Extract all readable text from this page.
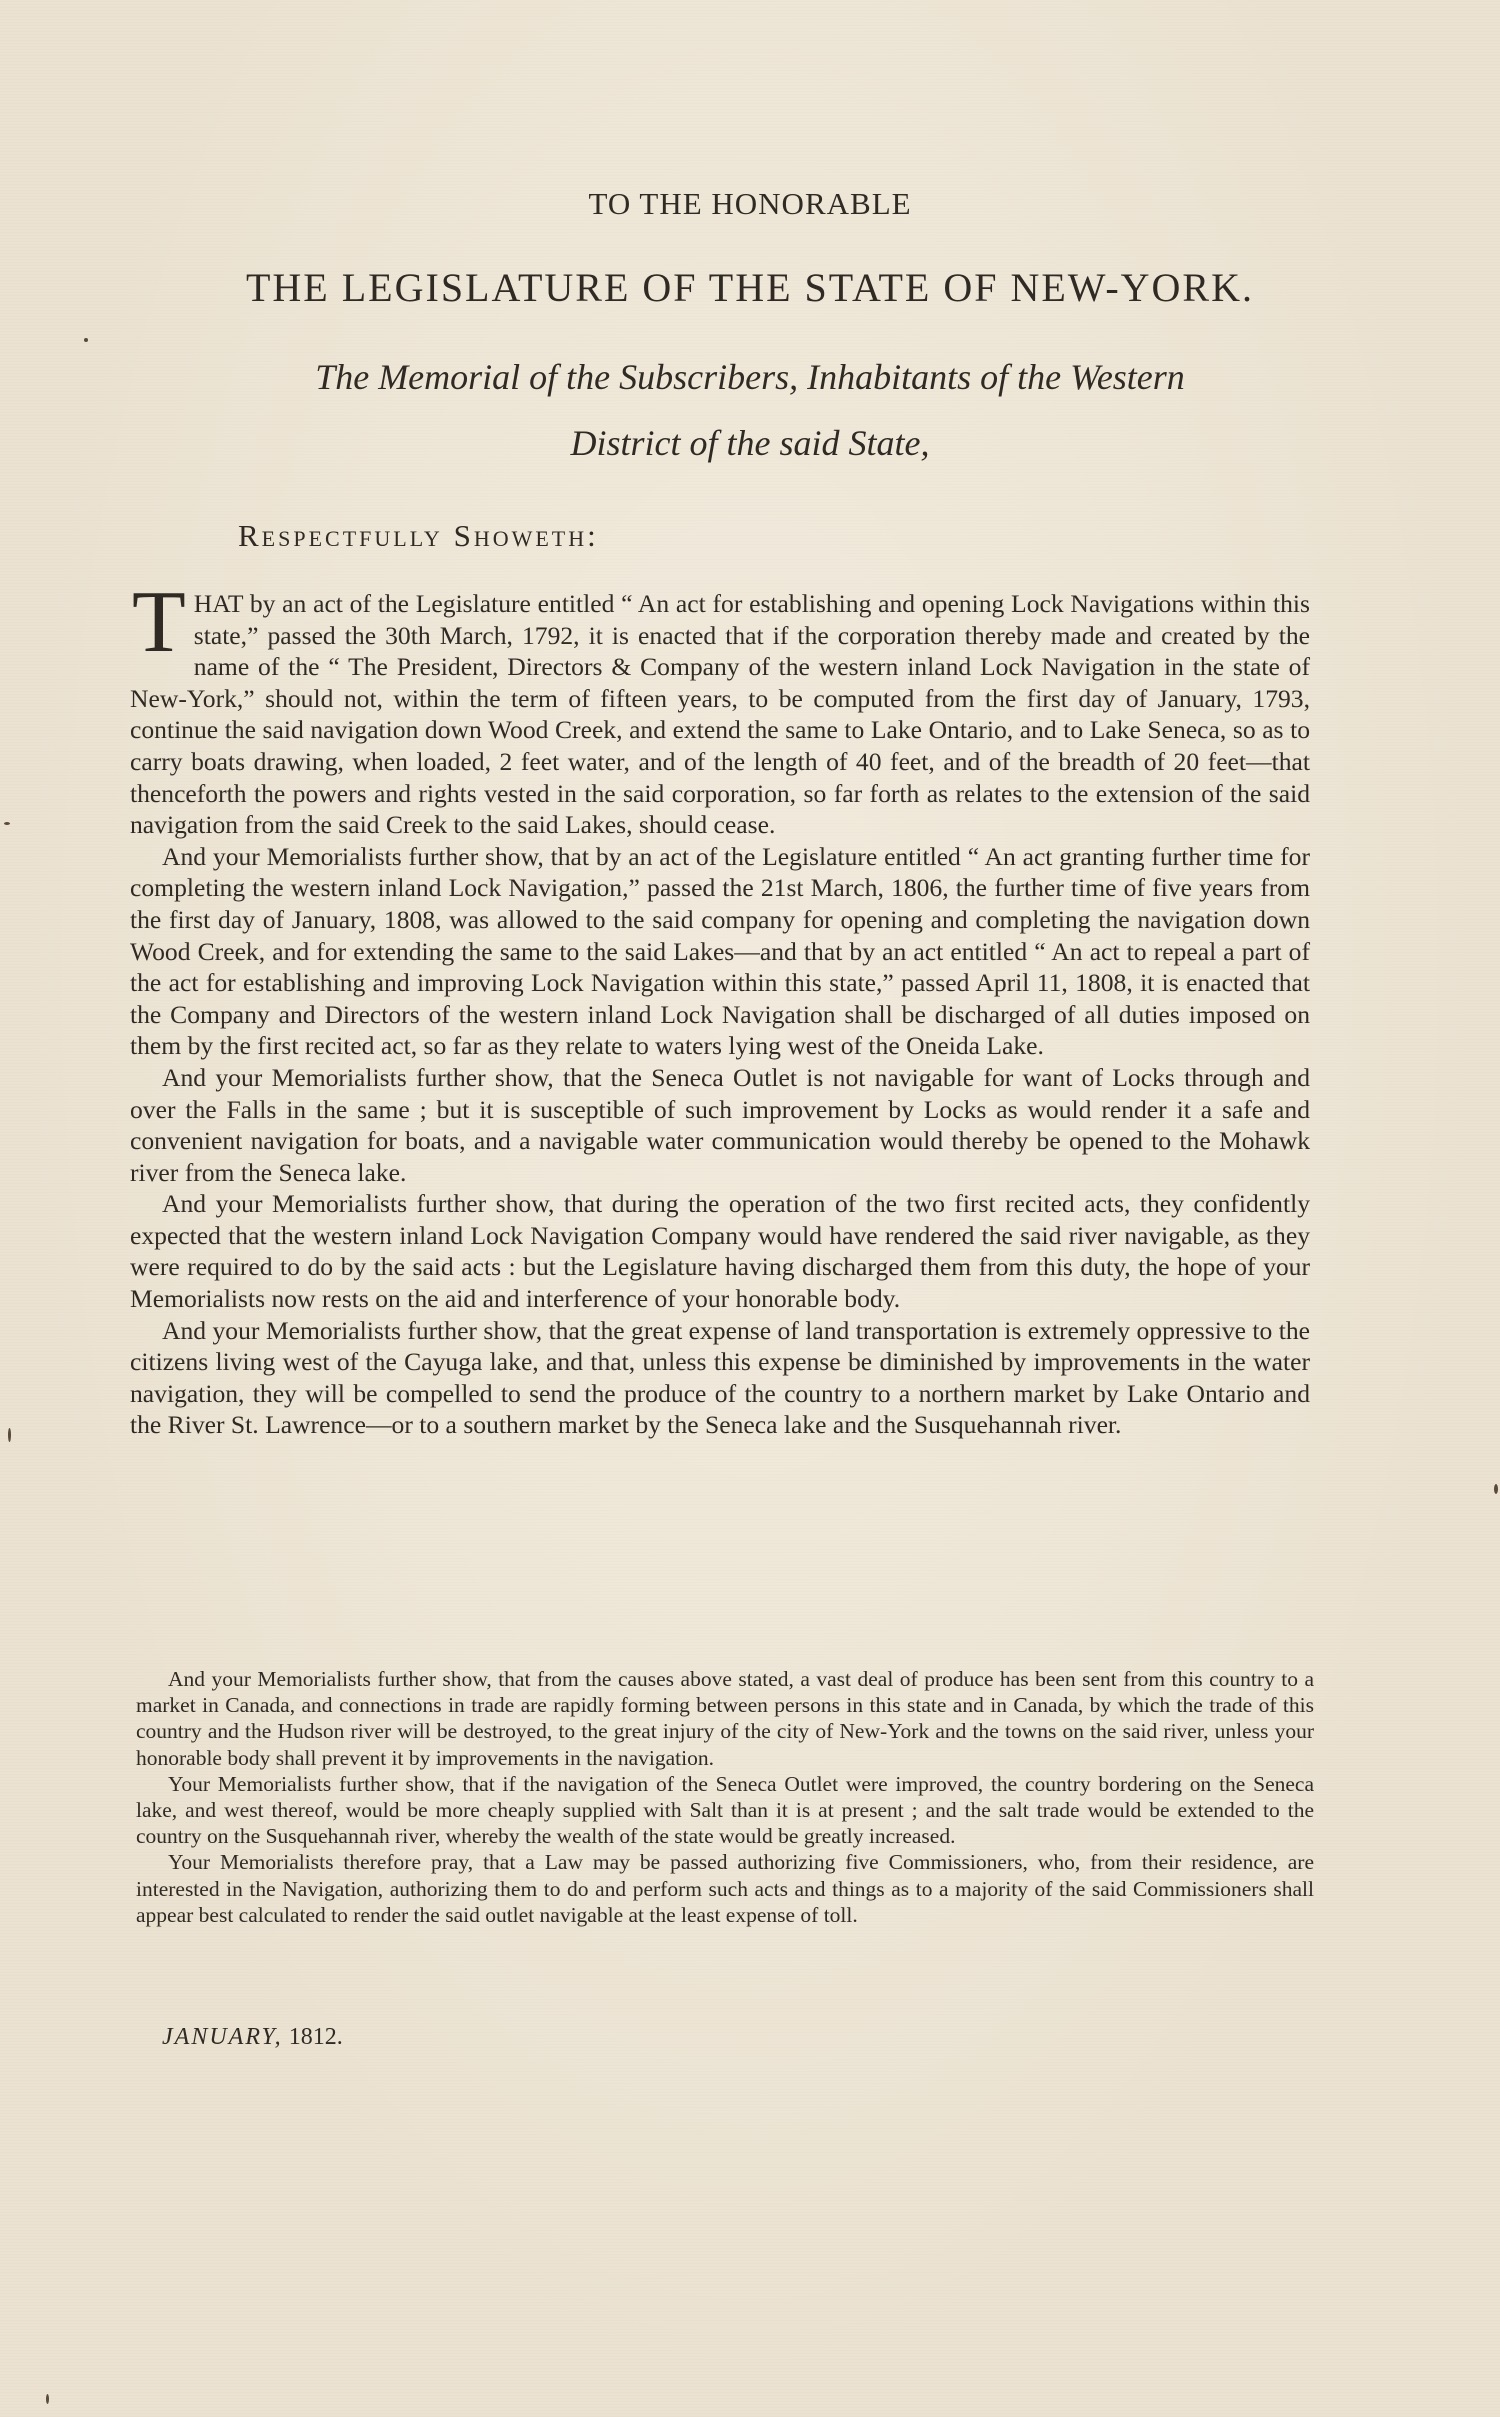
TO THE HONORABLE
THE LEGISLATURE OF THE STATE OF NEW-YORK.
The Memorial of the Subscribers, Inhabitants of the Western
District of the said State,
Respectfully Showeth:

THAT by an act of the Legislature entitled “ An act for establishing and opening Lock Navigations within this state,” passed the 30th March, 1792, it is enacted that if the corporation thereby made and created by the name of the “ The President, Directors & Company of the western inland Lock Navigation in the state of New-York,” should not, within the term of fifteen years, to be computed from the first day of January, 1793, continue the said navigation down Wood Creek, and extend the same to Lake Ontario, and to Lake Seneca, so as to carry boats drawing, when loaded, 2 feet water, and of the length of 40 feet, and of the breadth of 20 feet—that thenceforth the powers and rights vested in the said corporation, so far forth as relates to the extension of the said navigation from the said Creek to the said Lakes, should cease.

And your Memorialists further show, that by an act of the Legislature entitled “ An act granting further time for completing the western inland Lock Navigation,” passed the 21st March, 1806, the further time of five years from the first day of January, 1808, was allowed to the said company for opening and completing the navigation down Wood Creek, and for extending the same to the said Lakes—and that by an act entitled “ An act to repeal a part of the act for establishing and improving Lock Navigation within this state,” passed April 11, 1808, it is enacted that the Company and Directors of the western inland Lock Navigation shall be discharged of all duties imposed on them by the first recited act, so far as they relate to waters lying west of the Oneida Lake.

And your Memorialists further show, that the Seneca Outlet is not navigable for want of Locks through and over the Falls in the same ; but it is susceptible of such improvement by Locks as would render it a safe and convenient navigation for boats, and a navigable water communication would thereby be opened to the Mohawk river from the Seneca lake.

And your Memorialists further show, that during the operation of the two first recited acts, they confidently expected that the western inland Lock Navigation Company would have rendered the said river navigable, as they were required to do by the said acts : but the Legislature having discharged them from this duty, the hope of your Memorialists now rests on the aid and interference of your honorable body.

And your Memorialists further show, that the great expense of land transportation is extremely oppressive to the citizens living west of the Cayuga lake, and that, unless this expense be diminished by improvements in the water navigation, they will be compelled to send the produce of the country to a northern market by Lake Ontario and the River St. Lawrence—or to a southern market by the Seneca lake and the Susquehannah river.

And your Memorialists further show, that from the causes above stated, a vast deal of produce has been sent from this country to a market in Canada, and connections in trade are rapidly forming between persons in this state and in Canada, by which the trade of this country and the Hudson river will be destroyed, to the great injury of the city of New-York and the towns on the said river, unless your honorable body shall prevent it by improvements in the navigation.

Your Memorialists further show, that if the navigation of the Seneca Outlet were improved, the country bordering on the Seneca lake, and west thereof, would be more cheaply supplied with Salt than it is at present ; and the salt trade would be extended to the country on the Susquehannah river, whereby the wealth of the state would be greatly increased.

Your Memorialists therefore pray, that a Law may be passed authorizing five Commissioners, who, from their residence, are interested in the Navigation, authorizing them to do and perform such acts and things as to a majority of the said Commissioners shall appear best calculated to render the said outlet navigable at the least expense of toll.

JANUARY, 1812.
